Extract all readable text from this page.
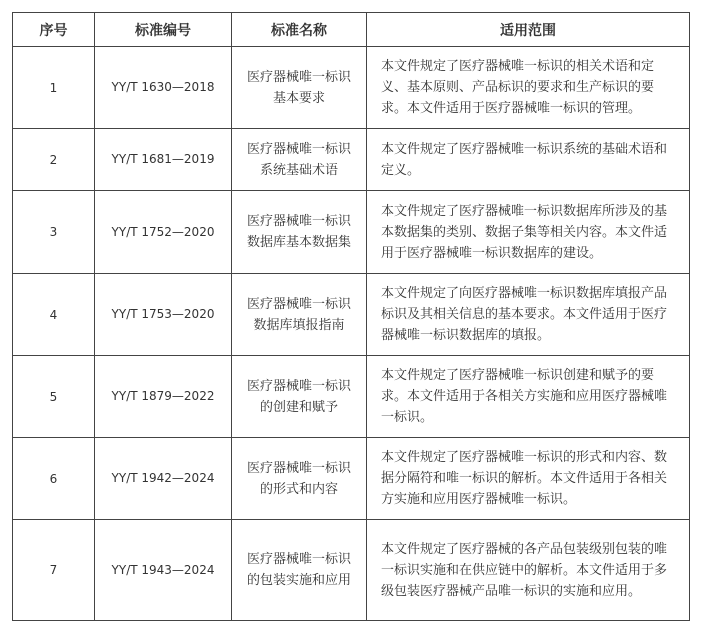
序号	标准编号	标准名称	适用范围
1	YY/T 1630—2018	医疗器械唯一标识基本要求	本文件规定了医疗器械唯一标识的相关术语和定义、基本原则、产品标识的要求和生产标识的要求。本文件适用于医疗器械唯一标识的管理。
2	YY/T 1681—2019	医疗器械唯一标识系统基础术语	本文件规定了医疗器械唯一标识系统的基础术语和定义。
3	YY/T 1752—2020	医疗器械唯一标识数据库基本数据集	本文件规定了医疗器械唯一标识数据库所涉及的基本数据集的类别、数据子集等相关内容。本文件适用于医疗器械唯一标识数据库的建设。
4	YY/T 1753—2020	医疗器械唯一标识数据库填报指南	本文件规定了向医疗器械唯一标识数据库填报产品标识及其相关信息的基本要求。本文件适用于医疗器械唯一标识数据库的填报。
5	YY/T 1879—2022	医疗器械唯一标识的创建和赋予	本文件规定了医疗器械唯一标识创建和赋予的要求。本文件适用于各相关方实施和应用医疗器械唯一标识。
6	YY/T 1942—2024	医疗器械唯一标识的形式和内容	本文件规定了医疗器械唯一标识的形式和内容、数据分隔符和唯一标识的解析。本文件适用于各相关方实施和应用医疗器械唯一标识。
7	YY/T 1943—2024	医疗器械唯一标识的包装实施和应用	本文件规定了医疗器械的各产品包装级别包装的唯一标识实施和在供应链中的解析。本文件适用于多级包装医疗器械产品唯一标识的实施和应用。
